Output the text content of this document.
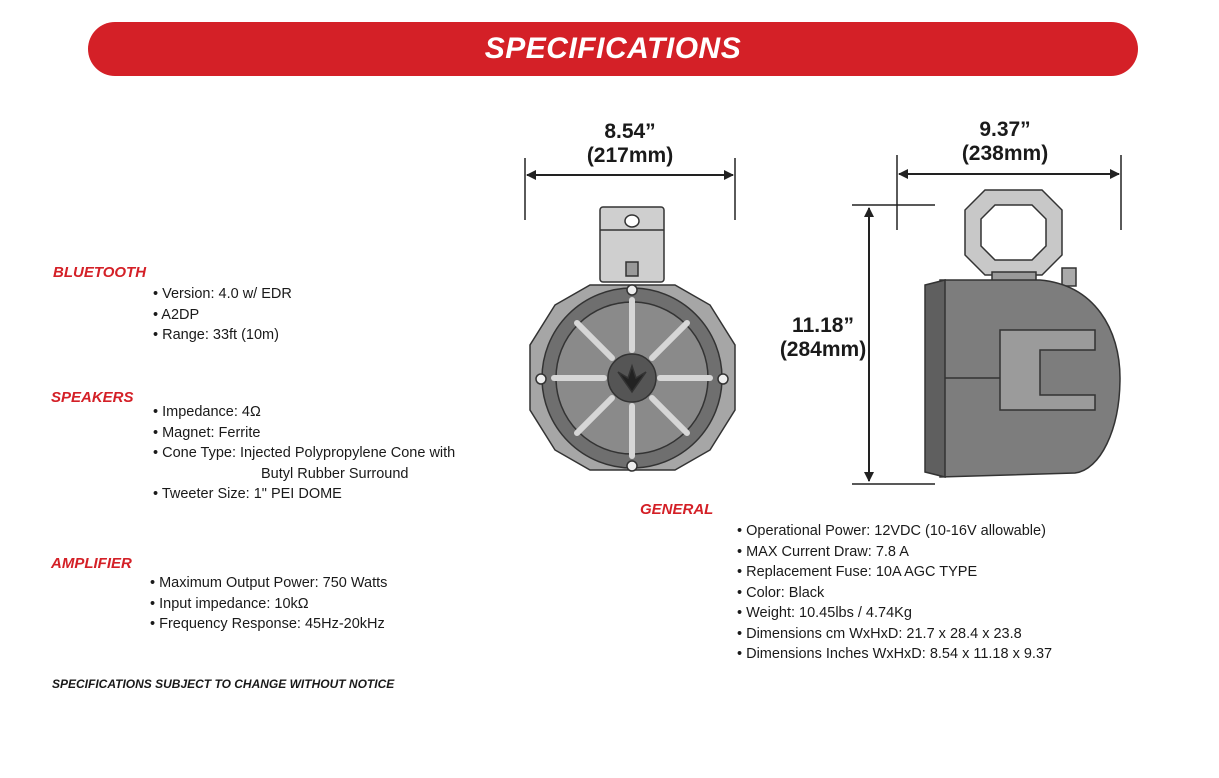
SPECIFICATIONS
8.54”
(217mm)
9.37”
(238mm)
11.18”
(284mm)
BLUETOOTH
• Version: 4.0 w/ EDR
• A2DP
• Range: 33ft (10m)
SPEAKERS
• Impedance: 4Ω
• Magnet: Ferrite
• Cone Type: Injected Polypropylene Cone with
Butyl Rubber Surround
• Tweeter Size: 1" PEI DOME
AMPLIFIER
• Maximum Output Power: 750 Watts
• Input impedance: 10kΩ
• Frequency Response: 45Hz-20kHz
GENERAL
• Operational Power: 12VDC (10-16V allowable)
• MAX Current Draw: 7.8 A
• Replacement Fuse: 10A AGC TYPE
• Color: Black
• Weight: 10.45lbs / 4.74Kg
• Dimensions cm WxHxD: 21.7 x 28.4 x 23.8
• Dimensions Inches WxHxD: 8.54 x 11.18 x 9.37
SPECIFICATIONS SUBJECT TO CHANGE WITHOUT NOTICE
